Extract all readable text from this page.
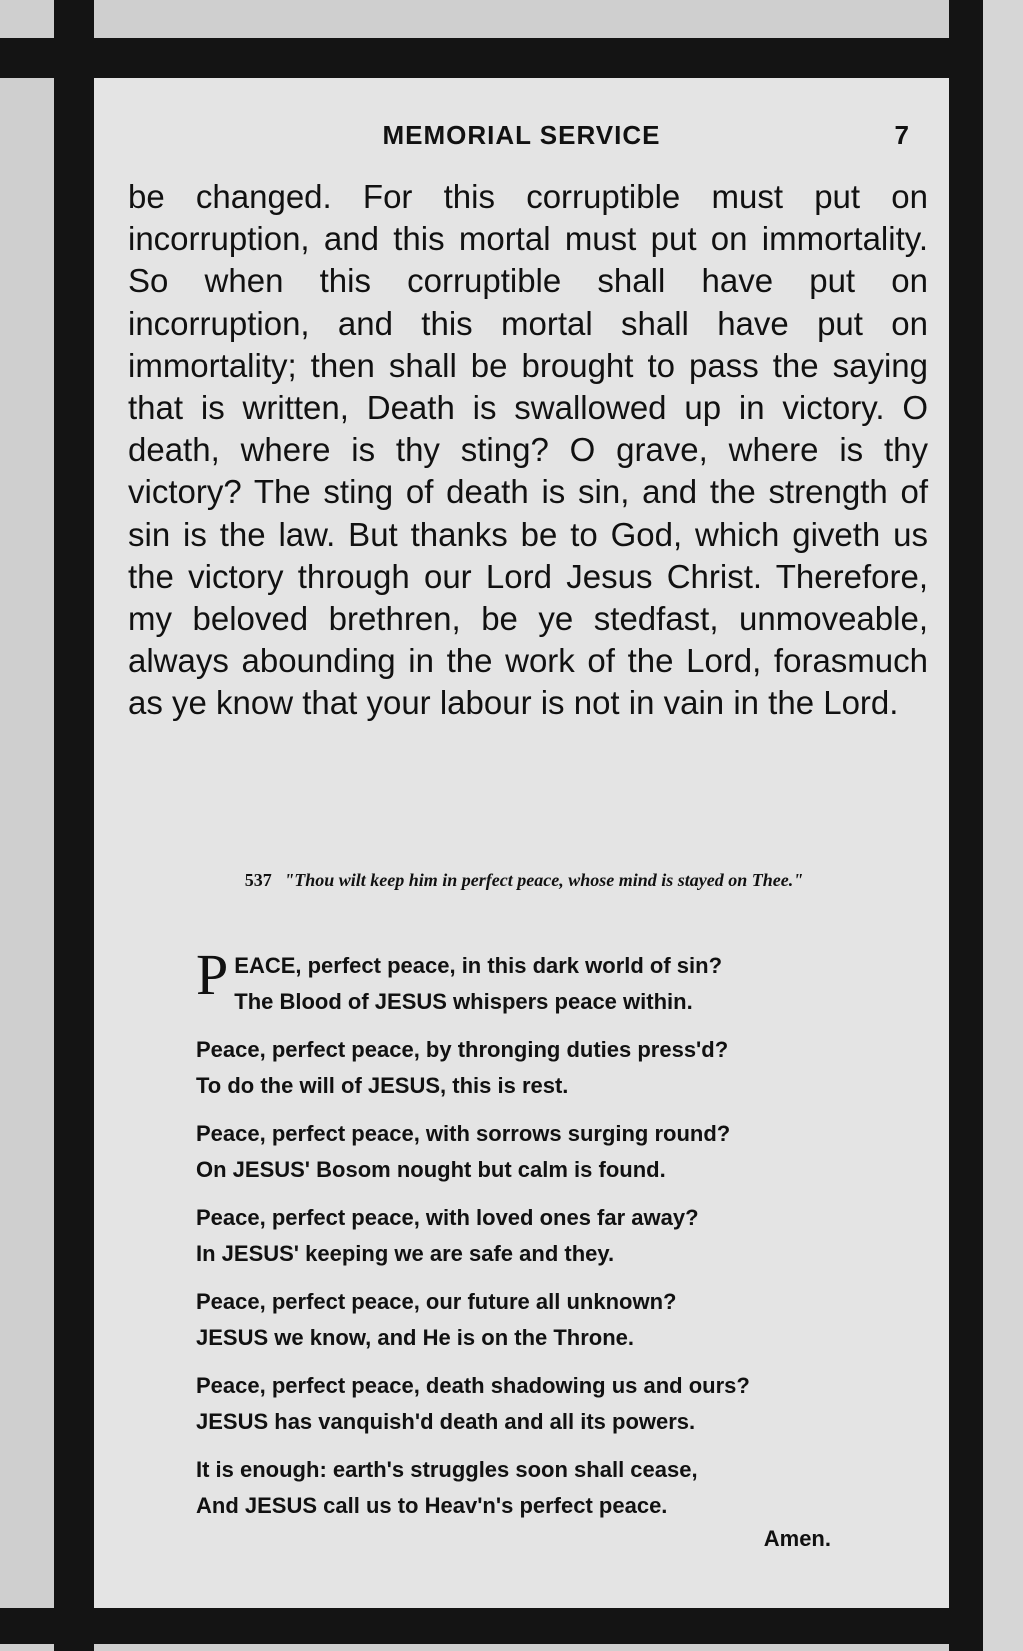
MEMORIAL SERVICE	7

be changed. For this corruptible must put on incorruption, and this mortal must put on immortality. So when this corruptible shall have put on incorruption, and this mortal shall have put on immortality; then shall be brought to pass the saying that is written, Death is swallowed up in victory. O death, where is thy sting? O grave, where is thy victory? The sting of death is sin, and the strength of sin is the law. But thanks be to God, which giveth us the victory through our Lord Jesus Christ. Therefore, my beloved brethren, be ye stedfast, unmoveable, always abounding in the work of the Lord, forasmuch as ye know that your labour is not in vain in the Lord.

537 "Thou wilt keep him in perfect peace, whose mind is stayed on Thee."
P EACE, perfect peace, in this dark world of sin?
The Blood of JESUS whispers peace within.
Peace, perfect peace, by thronging duties press'd?
To do the will of JESUS, this is rest.
Peace, perfect peace, with sorrows surging round?
On JESUS' Bosom nought but calm is found.
Peace, perfect peace, with loved ones far away?
In JESUS' keeping we are safe and they.
Peace, perfect peace, our future all unknown?
JESUS we know, and He is on the Throne.
Peace, perfect peace, death shadowing us and ours?
JESUS has vanquish'd death and all its powers.
It is enough: earth's struggles soon shall cease,
And JESUS call us to Heav'n's perfect peace.
Amen.
